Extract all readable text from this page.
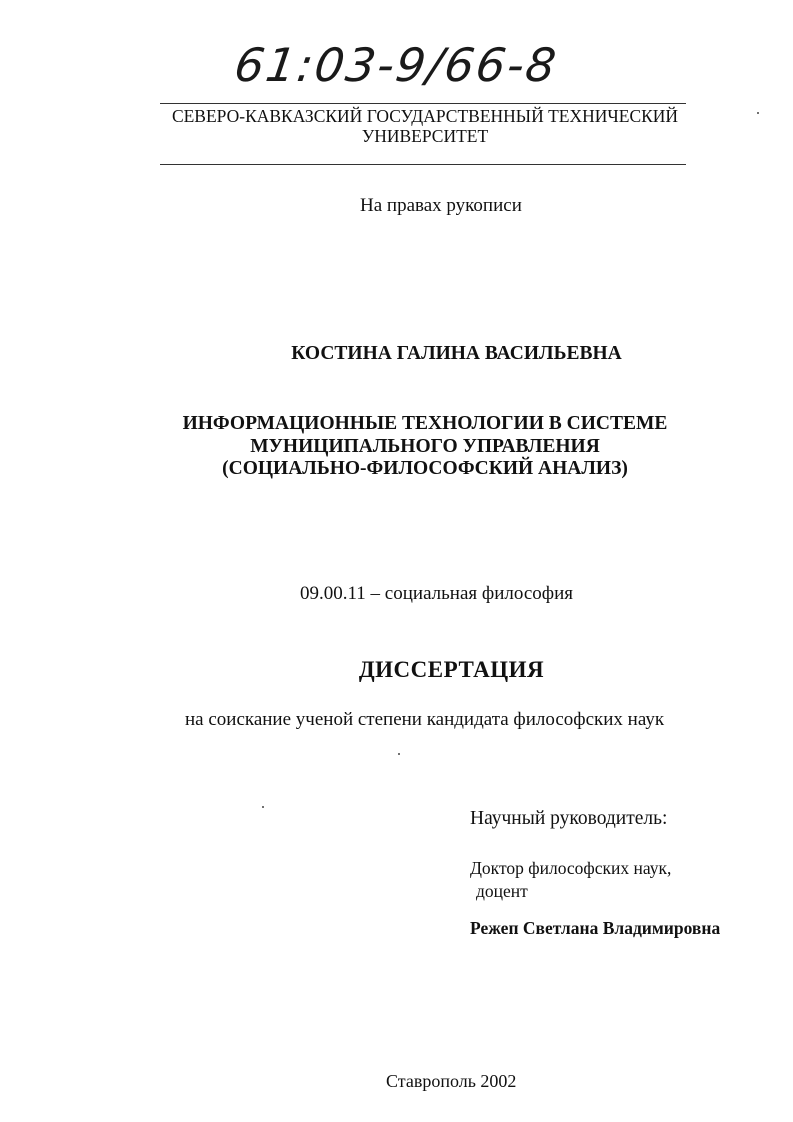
61:03-9/66-8
СЕВЕРО-КАВКАЗСКИЙ ГОСУДАРСТВЕННЫЙ ТЕХНИЧЕСКИЙ
УНИВЕРСИТЕТ
На правах рукописи
КОСТИНА ГАЛИНА ВАСИЛЬЕВНА
ИНФОРМАЦИОННЫЕ ТЕХНОЛОГИИ В СИСТЕМЕ
МУНИЦИПАЛЬНОГО УПРАВЛЕНИЯ
(СОЦИАЛЬНО-ФИЛОСОФСКИЙ АНАЛИЗ)
09.00.11 – социальная философия
ДИССЕРТАЦИЯ
на соискание ученой степени кандидата философских наук
Научный руководитель:
Доктор философских наук,
доцент
Режеп Светлана Владимировна
Ставрополь 2002
